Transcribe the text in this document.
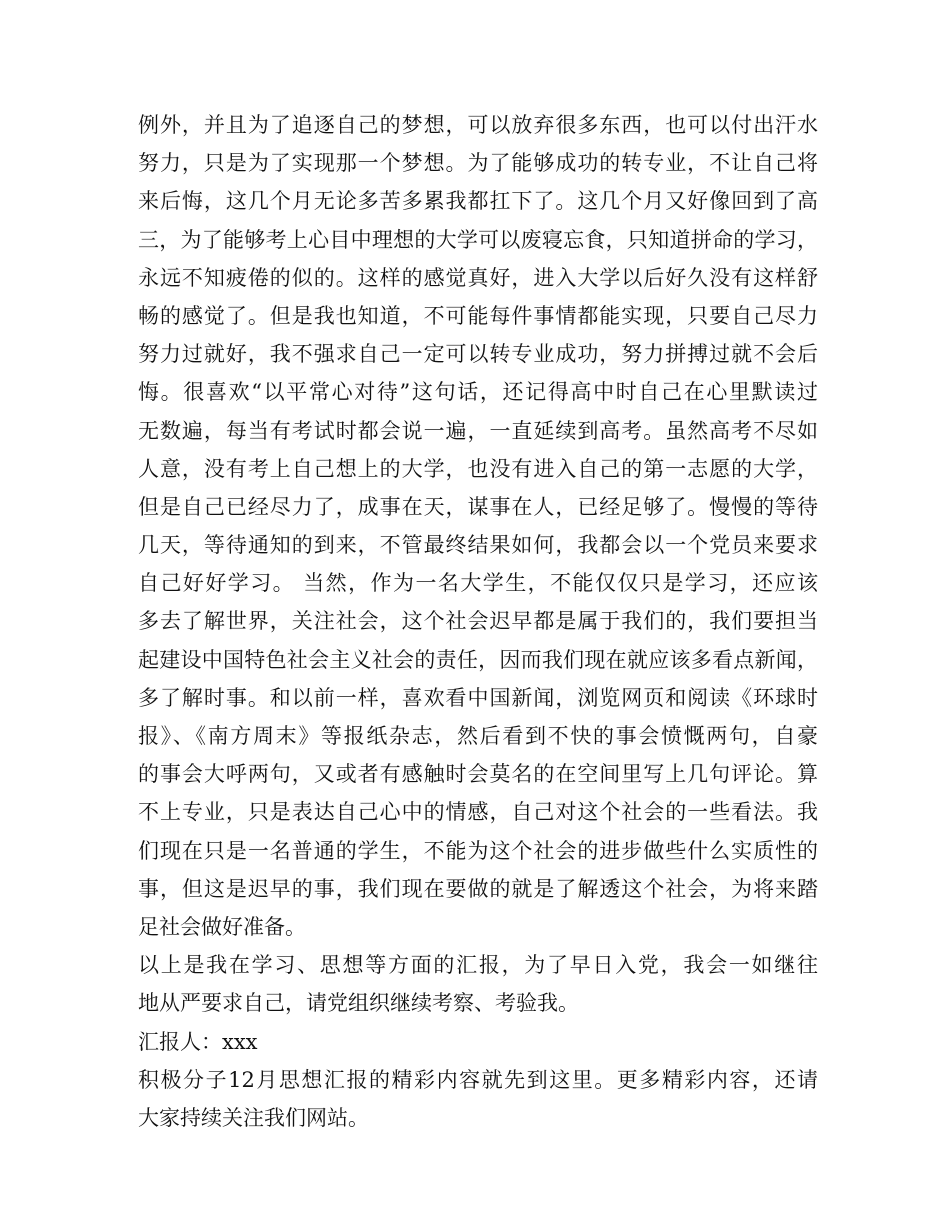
例外，并且为了追逐自己的梦想，可以放弃很多东西，也可以付出汗水
努力，只是为了实现那一个梦想。为了能够成功的转专业，不让自己将
来后悔，这几个月无论多苦多累我都扛下了。这几个月又好像回到了高
三，为了能够考上心目中理想的大学可以废寝忘食，只知道拼命的学习，
永远不知疲倦的似的。这样的感觉真好，进入大学以后好久没有这样舒
畅的感觉了。但是我也知道，不可能每件事情都能实现，只要自己尽力
努力过就好，我不强求自己一定可以转专业成功，努力拼搏过就不会后
悔。很喜欢“以平常心对待”这句话，还记得高中时自己在心里默读过
无数遍，每当有考试时都会说一遍，一直延续到高考。虽然高考不尽如
人意，没有考上自己想上的大学，也没有进入自己的第一志愿的大学，
但是自己已经尽力了，成事在天，谋事在人，已经足够了。慢慢的等待
几天，等待通知的到来，不管最终结果如何，我都会以一个党员来要求
自己好好学习。 当然，作为一名大学生，不能仅仅只是学习，还应该
多去了解世界，关注社会，这个社会迟早都是属于我们的，我们要担当
起建设中国特色社会主义社会的责任，因而我们现在就应该多看点新闻，
多了解时事。和以前一样，喜欢看中国新闻，浏览网页和阅读《环球时
报》、《南方周末》等报纸杂志，然后看到不快的事会愤慨两句，自豪
的事会大呼两句，又或者有感触时会莫名的在空间里写上几句评论。算
不上专业，只是表达自己心中的情感，自己对这个社会的一些看法。我
们现在只是一名普通的学生，不能为这个社会的进步做些什么实质性的
事，但这是迟早的事，我们现在要做的就是了解透这个社会，为将来踏
足社会做好准备。
以上是我在学习、思想等方面的汇报，为了早日入党，我会一如继往
地从严要求自己，请党组织继续考察、考验我。
汇报人：xxx
积极分子12月思想汇报的精彩内容就先到这里。更多精彩内容，还请
大家持续关注我们网站。
